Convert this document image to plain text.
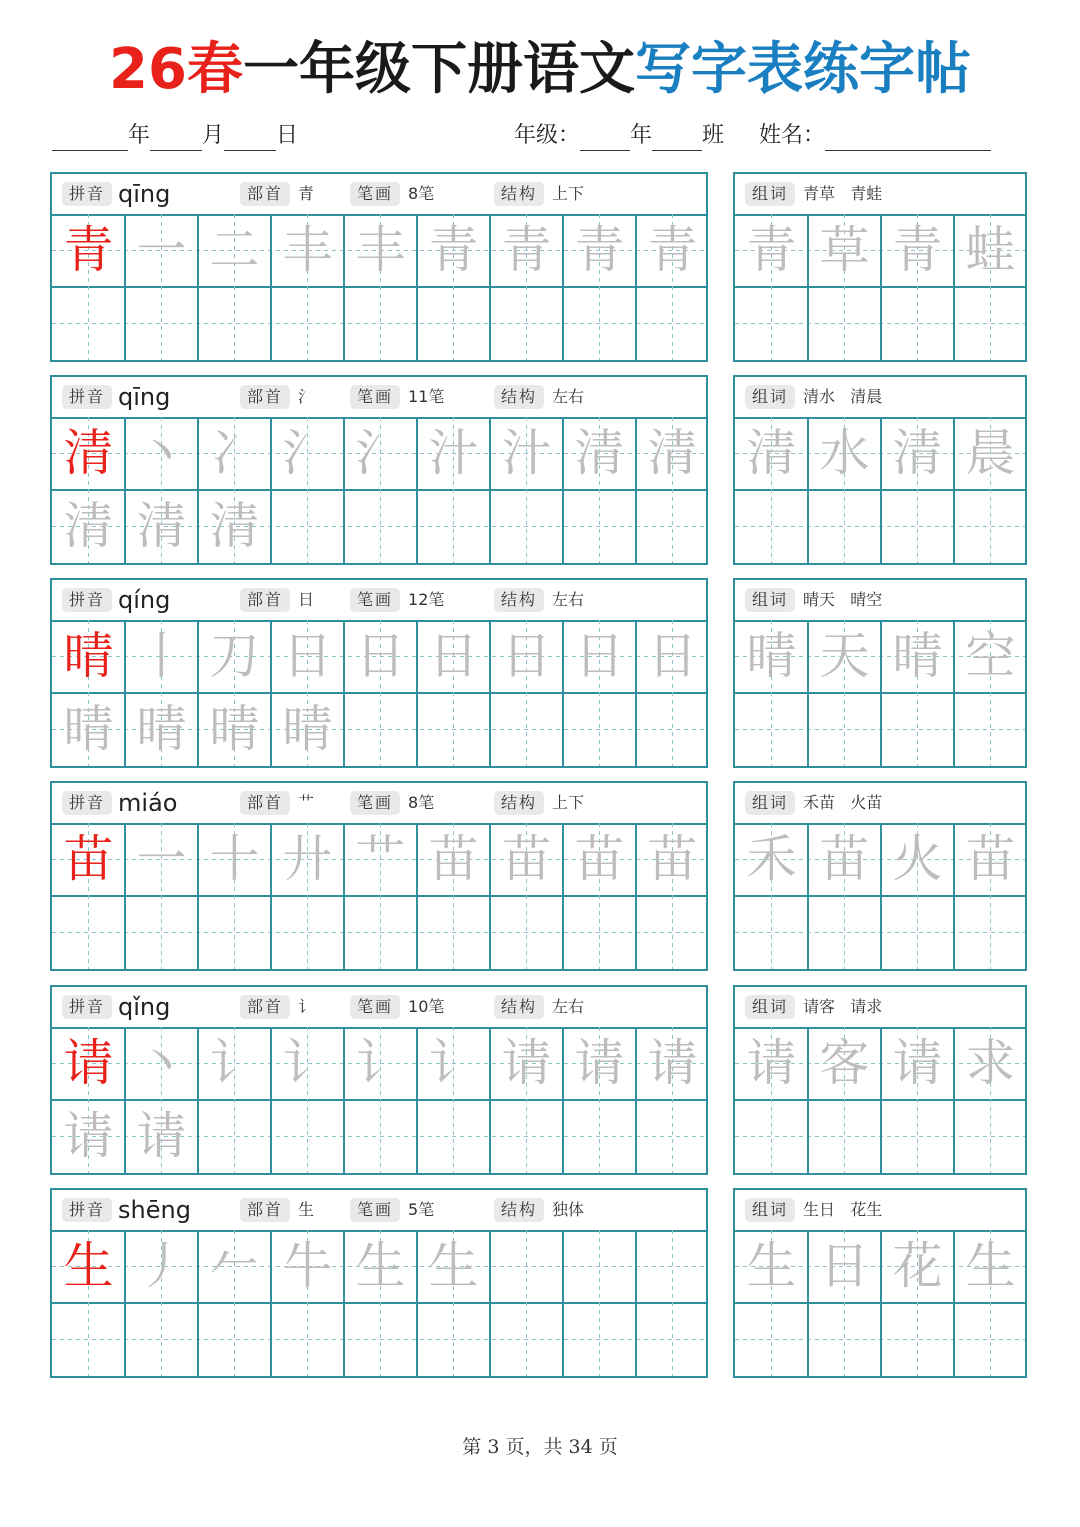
26春一年级下册语文写字表练字帖
年 月 日	年级： 年 班 姓名：
拼音 qīng	部首 青	笔画 8笔	结构 上下
青 一 二 丰 丰 青 青 青 青
组词 青草   青蛙
青 草 青 蛙
拼音 qīng	部首 氵	笔画 11笔	结构 左右
清 丶 冫 氵 氵 汁 汁 清 清
清 清 清
组词 清水   清晨
清 水 清 晨
拼音 qíng	部首 日	笔画 12笔	结构 左右
晴 丨 刀 日 日 日 日 日 日
晴 晴 晴 晴
组词 晴天   晴空
晴 天 晴 空
拼音 miáo	部首 艹	笔画 8笔	结构 上下
苗 一 十 廾 艹 苗 苗 苗 苗
组词 禾苗   火苗
禾 苗 火 苗
拼音 qǐng	部首 讠	笔画 10笔	结构 左右
请 丶 讠 讠 讠 讠 请 请 请
请 请
组词 请客   请求
请 客 请 求
拼音 shēng	部首 生	笔画 5笔	结构 独体
生 丿 𠂉 牛 生 生
组词 生日   花生
生 日 花 生
第 3 页，共 34 页
